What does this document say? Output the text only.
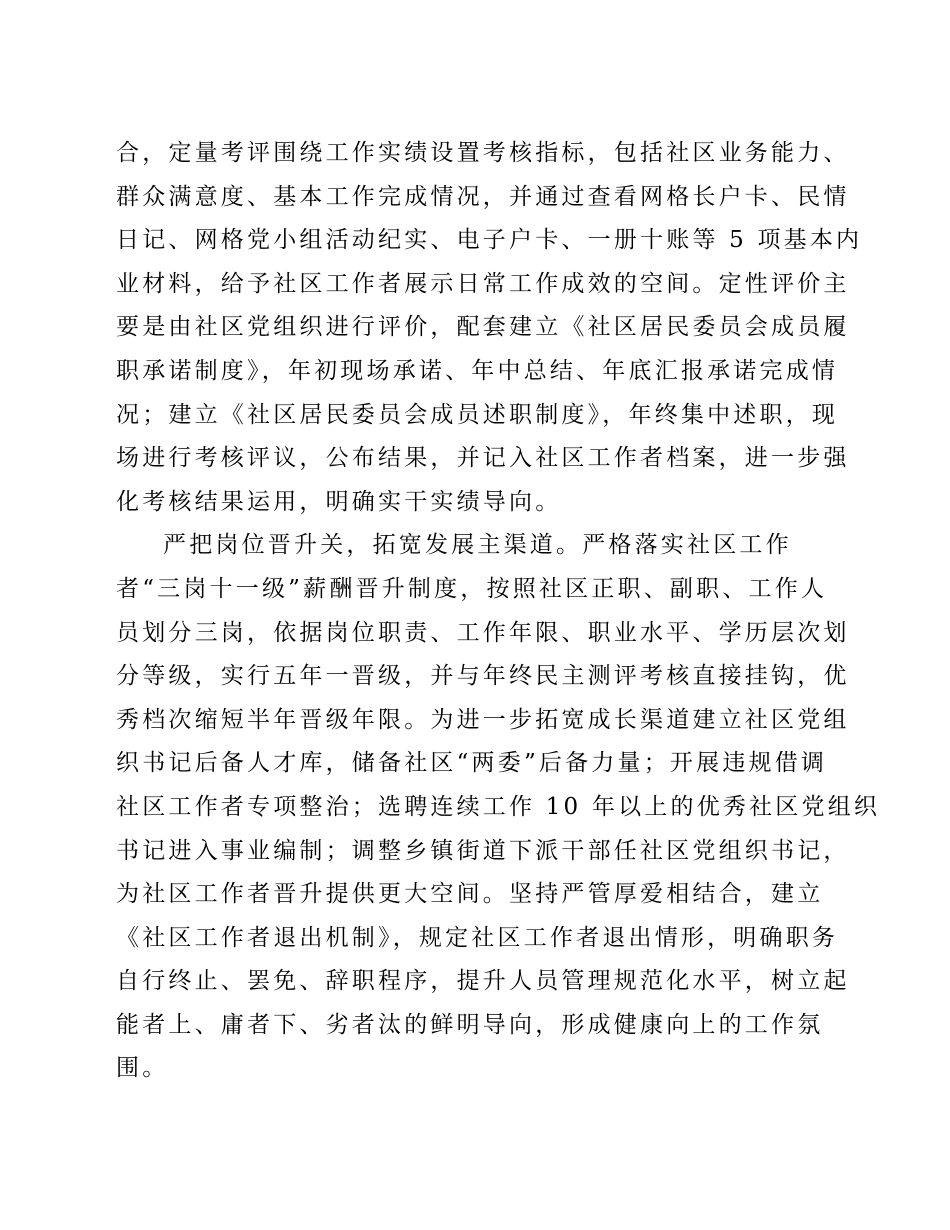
合，定量考评围绕工作实绩设置考核指标，包括社区业务能力、
群众满意度、基本工作完成情况，并通过查看网格长户卡、民情
日记、网格党小组活动纪实、电子户卡、一册十账等 5 项基本内
业材料，给予社区工作者展示日常工作成效的空间。定性评价主
要是由社区党组织进行评价，配套建立《社区居民委员会成员履
职承诺制度》，年初现场承诺、年中总结、年底汇报承诺完成情
况；建立《社区居民委员会成员述职制度》，年终集中述职，现
场进行考核评议，公布结果，并记入社区工作者档案，进一步强
化考核结果运用，明确实干实绩导向。
严把岗位晋升关，拓宽发展主渠道。严格落实社区工作
者“三岗十一级”薪酬晋升制度，按照社区正职、副职、工作人
员划分三岗，依据岗位职责、工作年限、职业水平、学历层次划
分等级，实行五年一晋级，并与年终民主测评考核直接挂钩，优
秀档次缩短半年晋级年限。为进一步拓宽成长渠道建立社区党组
织书记后备人才库，储备社区“两委”后备力量；开展违规借调
社区工作者专项整治；选聘连续工作 10 年以上的优秀社区党组织
书记进入事业编制；调整乡镇街道下派干部任社区党组织书记，
为社区工作者晋升提供更大空间。坚持严管厚爱相结合，建立
《社区工作者退出机制》，规定社区工作者退出情形，明确职务
自行终止、罢免、辞职程序，提升人员管理规范化水平，树立起
能者上、庸者下、劣者汰的鲜明导向，形成健康向上的工作氛
围。
